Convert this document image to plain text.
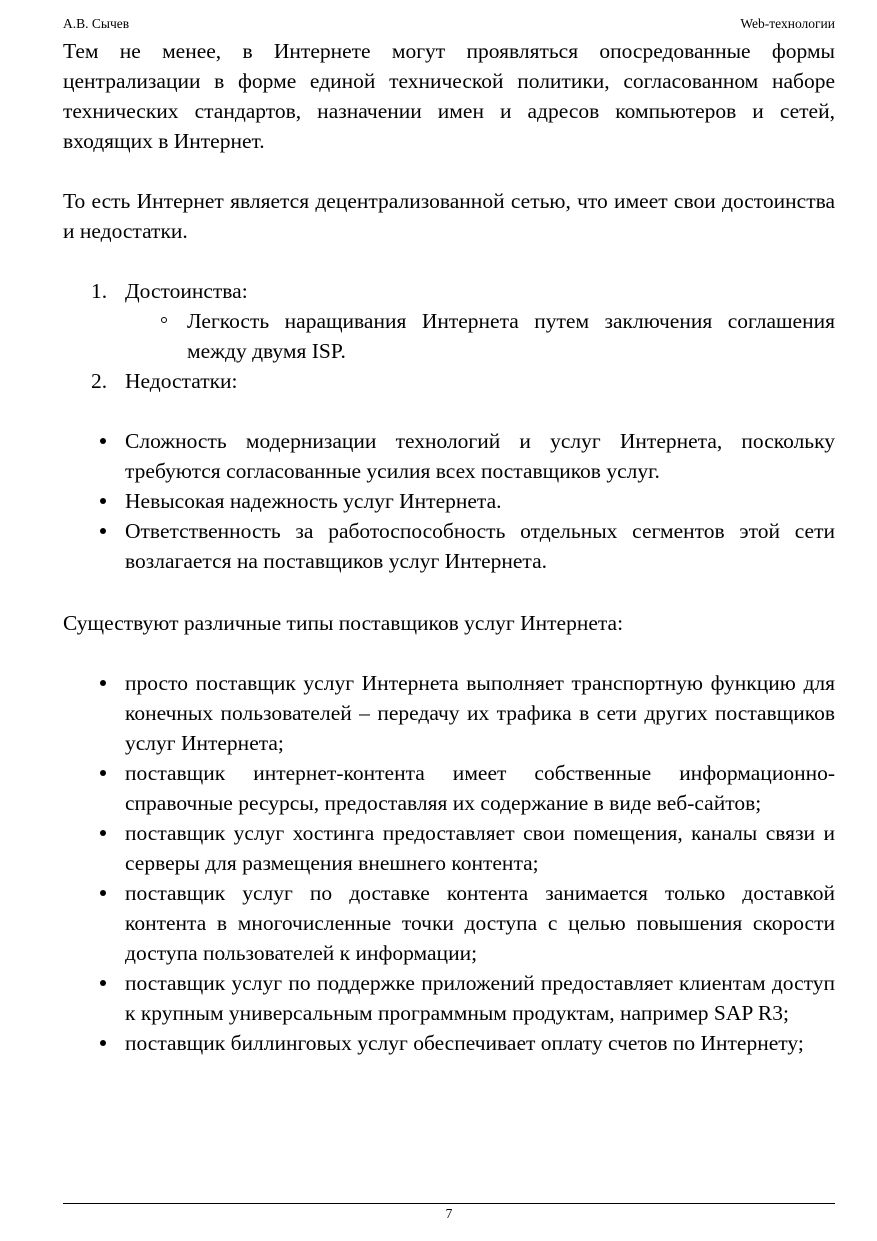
А.В. Сычев	Web-технологии

Тем не менее, в Интернете могут проявляться опосредованные формы централизации в форме единой технической политики, согласованном наборе технических стандартов, назначении имен и адресов компьютеров и сетей, входящих в Интернет.

То есть Интернет является децентрализованной сетью, что имеет свои достоинства и недостатки.

1. Достоинства:
Легкость наращивания Интернета путем заключения соглашения между двумя ISP.
2. Недостатки:
Сложность модернизации технологий и услуг Интернета, поскольку требуются согласованные усилия всех поставщиков услуг.
Невысокая надежность услуг Интернета.
Ответственность за работоспособность отдельных сегментов этой сети возлагается на поставщиков услуг Интернета.

Существуют различные типы поставщиков услуг Интернета:

просто поставщик услуг Интернета выполняет транспортную функцию для конечных пользователей – передачу их трафика в сети других поставщиков услуг Интернета;
поставщик интернет-контента имеет собственные информационно-справочные ресурсы, предоставляя их содержание в виде веб-сайтов;
поставщик услуг хостинга предоставляет свои помещения, каналы связи и серверы для размещения внешнего контента;
поставщик услуг по доставке контента занимается только доставкой контента в многочисленные точки доступа с целью повышения скорости доступа пользователей к информации;
поставщик услуг по поддержке приложений предоставляет клиентам доступ к крупным универсальным программным продуктам, например SAP R3;
поставщик биллинговых услуг обеспечивает оплату счетов по Интернету;
7
